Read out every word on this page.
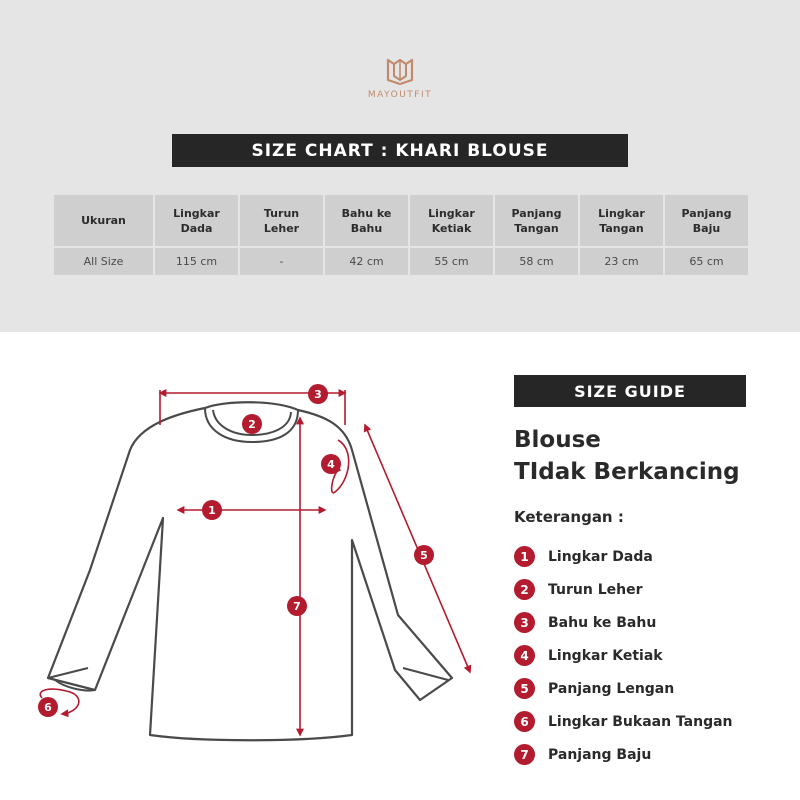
MAYOUTFIT
SIZE CHART : KHARI BLOUSE
Ukuran	Lingkar Dada	Turun Leher	Bahu ke Bahu	Lingkar Ketiak	Panjang Tangan	Lingkar Tangan	Panjang Baju
All Size	115 cm	-	42 cm	55 cm	58 cm	23 cm	65 cm
1
2
3
4
5
6
7
SIZE GUIDE
Blouse
TIdak Berkancing
Keterangan :
1	Lingkar Dada
2	Turun Leher
3	Bahu ke Bahu
4	Lingkar Ketiak
5	Panjang Lengan
6	Lingkar Bukaan Tangan
7	Panjang Baju
